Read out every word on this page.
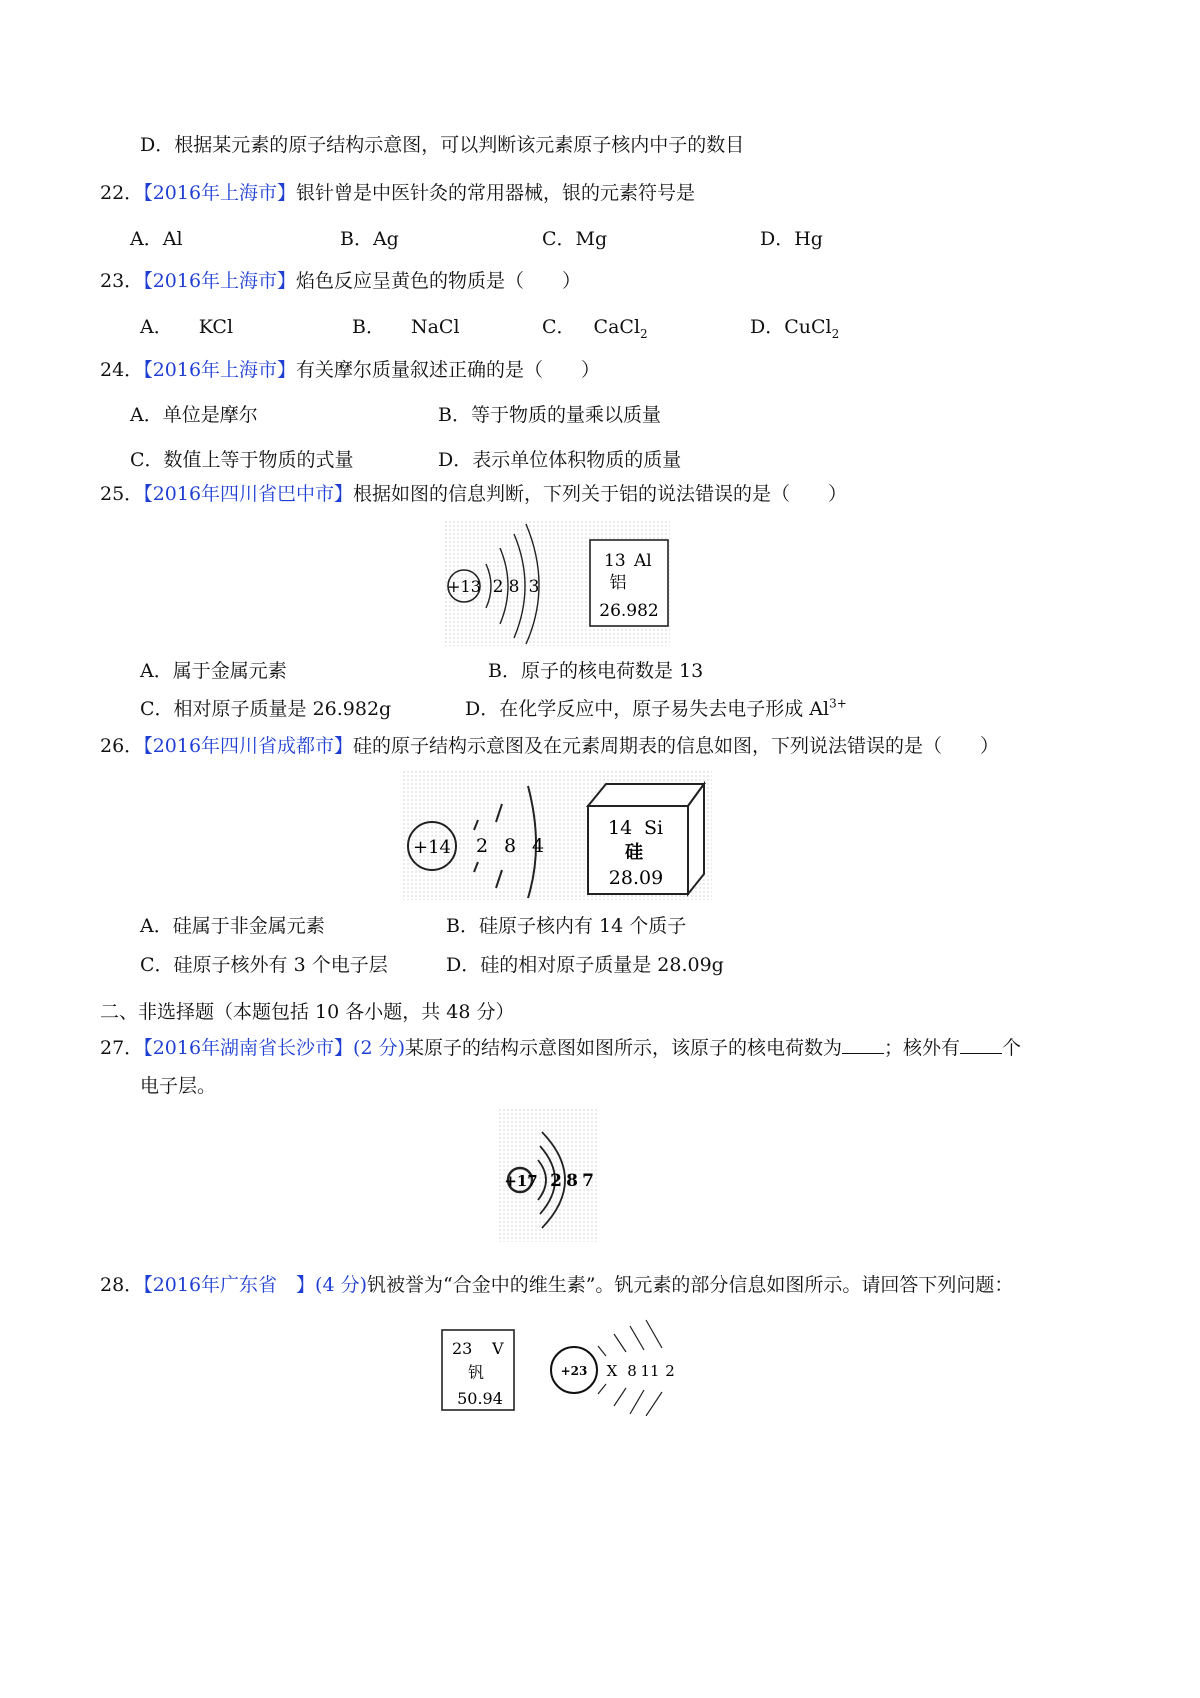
D．根据某元素的原子结构示意图，可以判断该元素原子核内中子的数目
22．【2016年上海市】银针曾是中医针灸的常用器械，银的元素符号是
A．Al	B．Ag	C．Mg	D．Hg
23．【2016年上海市】焰色反应呈黄色的物质是（　　）
A． KCl	B． NaCl	C． CaCl$_2$	D．CuCl$_2$
24．【2016年上海市】有关摩尔质量叙述正确的是（　　）
A．单位是摩尔	B．等于物质的量乘以质量
C．数值上等于物质的式量	D．表示单位体积物质的质量
25．【2016年四川省巴中市】根据如图的信息判断，下列关于铝的说法错误的是（　　）
+13 2 8 3
13 Al
铝
26.982
A．属于金属元素	B．原子的核电荷数是 13
C．相对原子质量是 26.982g	D．在化学反应中，原子易失去电子形成 $Al^{3+}$
26．【2016年四川省成都市】硅的原子结构示意图及在元素周期表的信息如图，下列说法错误的是（　　）
+14 2 8 4
14 Si
硅
28.09
A．硅属于非金属元素	B．硅原子核内有 14 个质子
C．硅原子核外有 3 个电子层	D．硅的相对原子质量是 28.09g
二、非选择题（本题包括 10 各小题，共 48 分）
27．【2016年湖南省长沙市】(2 分)某原子的结构示意图如图所示，该原子的核电荷数为 ；核外有 个
电子层。
+17 2 8 7
28．【2016年广东省　】(4 分)钒被誉为“合金中的维生素”。钒元素的部分信息如图所示。请回答下列问题：
23 V
钒
50.94
+23 X 8 11 2
